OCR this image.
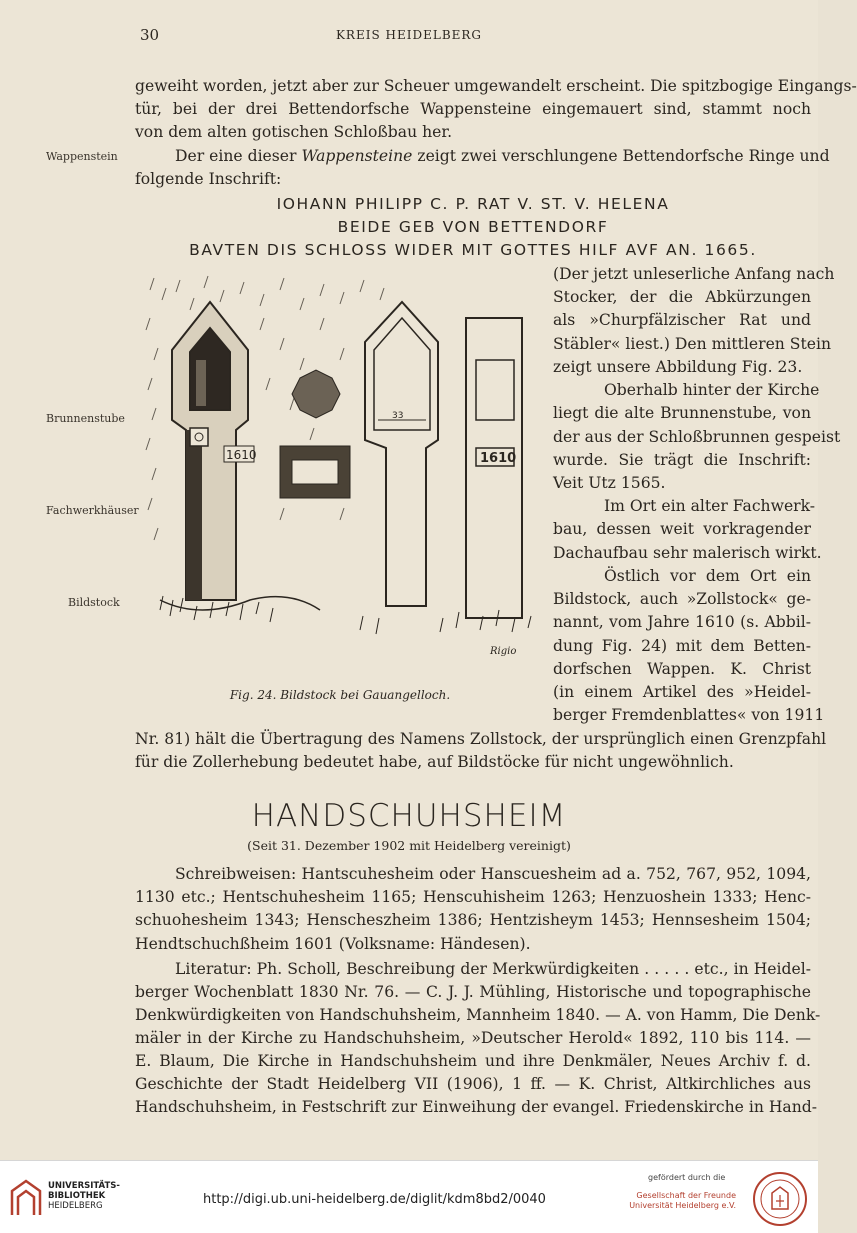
30	KREIS HEIDELBERG
geweiht worden, jetzt aber zur Scheuer umgewandelt erscheint. Die spitzbogige Eingangs-
tür, bei der drei Bettendorfsche Wappensteine eingemauert sind, stammt noch
von dem alten gotischen Schloßbau her.
Wappenstein	Der eine dieser Wappensteine zeigt zwei verschlungene Bettendorfsche Ringe und
folgende Inschrift:
IOHANN PHILIPP C. P. RAT V. ST. V. HELENA
BEIDE GEB VON BETTENDORF
BAVTEN DIS SCHLOSS WIDER MIT GOTTES HILF AVF AN. 1665.
1610
33
1610
Rigio
Fig. 24. Bildstock bei Gauangelloch.
Brunnenstube
Fachwerkhäuser
Bildstock
(Der jetzt unleserliche Anfang nach
Stocker, der die Abkürzungen
als »Churpfälzischer Rat und
Stäbler« liest.) Den mittleren Stein
zeigt unsere Abbildung Fig. 23.
Oberhalb hinter der Kirche
liegt die alte Brunnenstube, von
der aus der Schloßbrunnen gespeist
wurde. Sie trägt die Inschrift:
Veit Utz 1565.
Im Ort ein alter Fachwerk-
bau, dessen weit vorkragender
Dachaufbau sehr malerisch wirkt.
Östlich vor dem Ort ein
Bildstock, auch »Zollstock« ge-
nannt, vom Jahre 1610 (s. Abbil-
dung Fig. 24) mit dem Betten-
dorfschen Wappen. K. Christ
(in einem Artikel des »Heidel-
berger Fremdenblattes« von 1911
Nr. 81) hält die Übertragung des Namens Zollstock, der ursprünglich einen Grenzpfahl
für die Zollerhebung bedeutet habe, auf Bildstöcke für nicht ungewöhnlich.
HANDSCHUHSHEIM
(Seit 31. Dezember 1902 mit Heidelberg vereinigt)
Schreibweisen: Hantscuhesheim oder Hanscuesheim ad a. 752, 767, 952, 1094,
1130 etc.; Hentschuhesheim 1165; Henscuhisheim 1263; Henzuoshein 1333; Henc-
schuohesheim 1343; Henscheszheim 1386; Hentzisheym 1453; Hennsesheim 1504;
Hendtschuchßheim 1601 (Volksname: Händesen).
Literatur: Ph. Scholl, Beschreibung der Merkwürdigkeiten . . . . . etc., in Heidel-
berger Wochenblatt 1830 Nr. 76. — C. J. J. Mühling, Historische und topographische
Denkwürdigkeiten von Handschuhsheim, Mannheim 1840. — A. von Hamm, Die Denk-
mäler in der Kirche zu Handschuhsheim, »Deutscher Herold« 1892, 110 bis 114. —
E. Blaum, Die Kirche in Handschuhsheim und ihre Denkmäler, Neues Archiv f. d.
Geschichte der Stadt Heidelberg VII (1906), 1 ff. — K. Christ, Altkirchliches aus
Handschuhsheim, in Festschrift zur Einweihung der evangel. Friedenskirche in Hand-
UNIVERSITÄTS-
BIBLIOTHEK
HEIDELBERG	http://digi.ub.uni-heidelberg.de/diglit/kdm8bd2/0040
gefördert durch die
Gesellschaft der Freunde
Universität Heidelberg e.V.
